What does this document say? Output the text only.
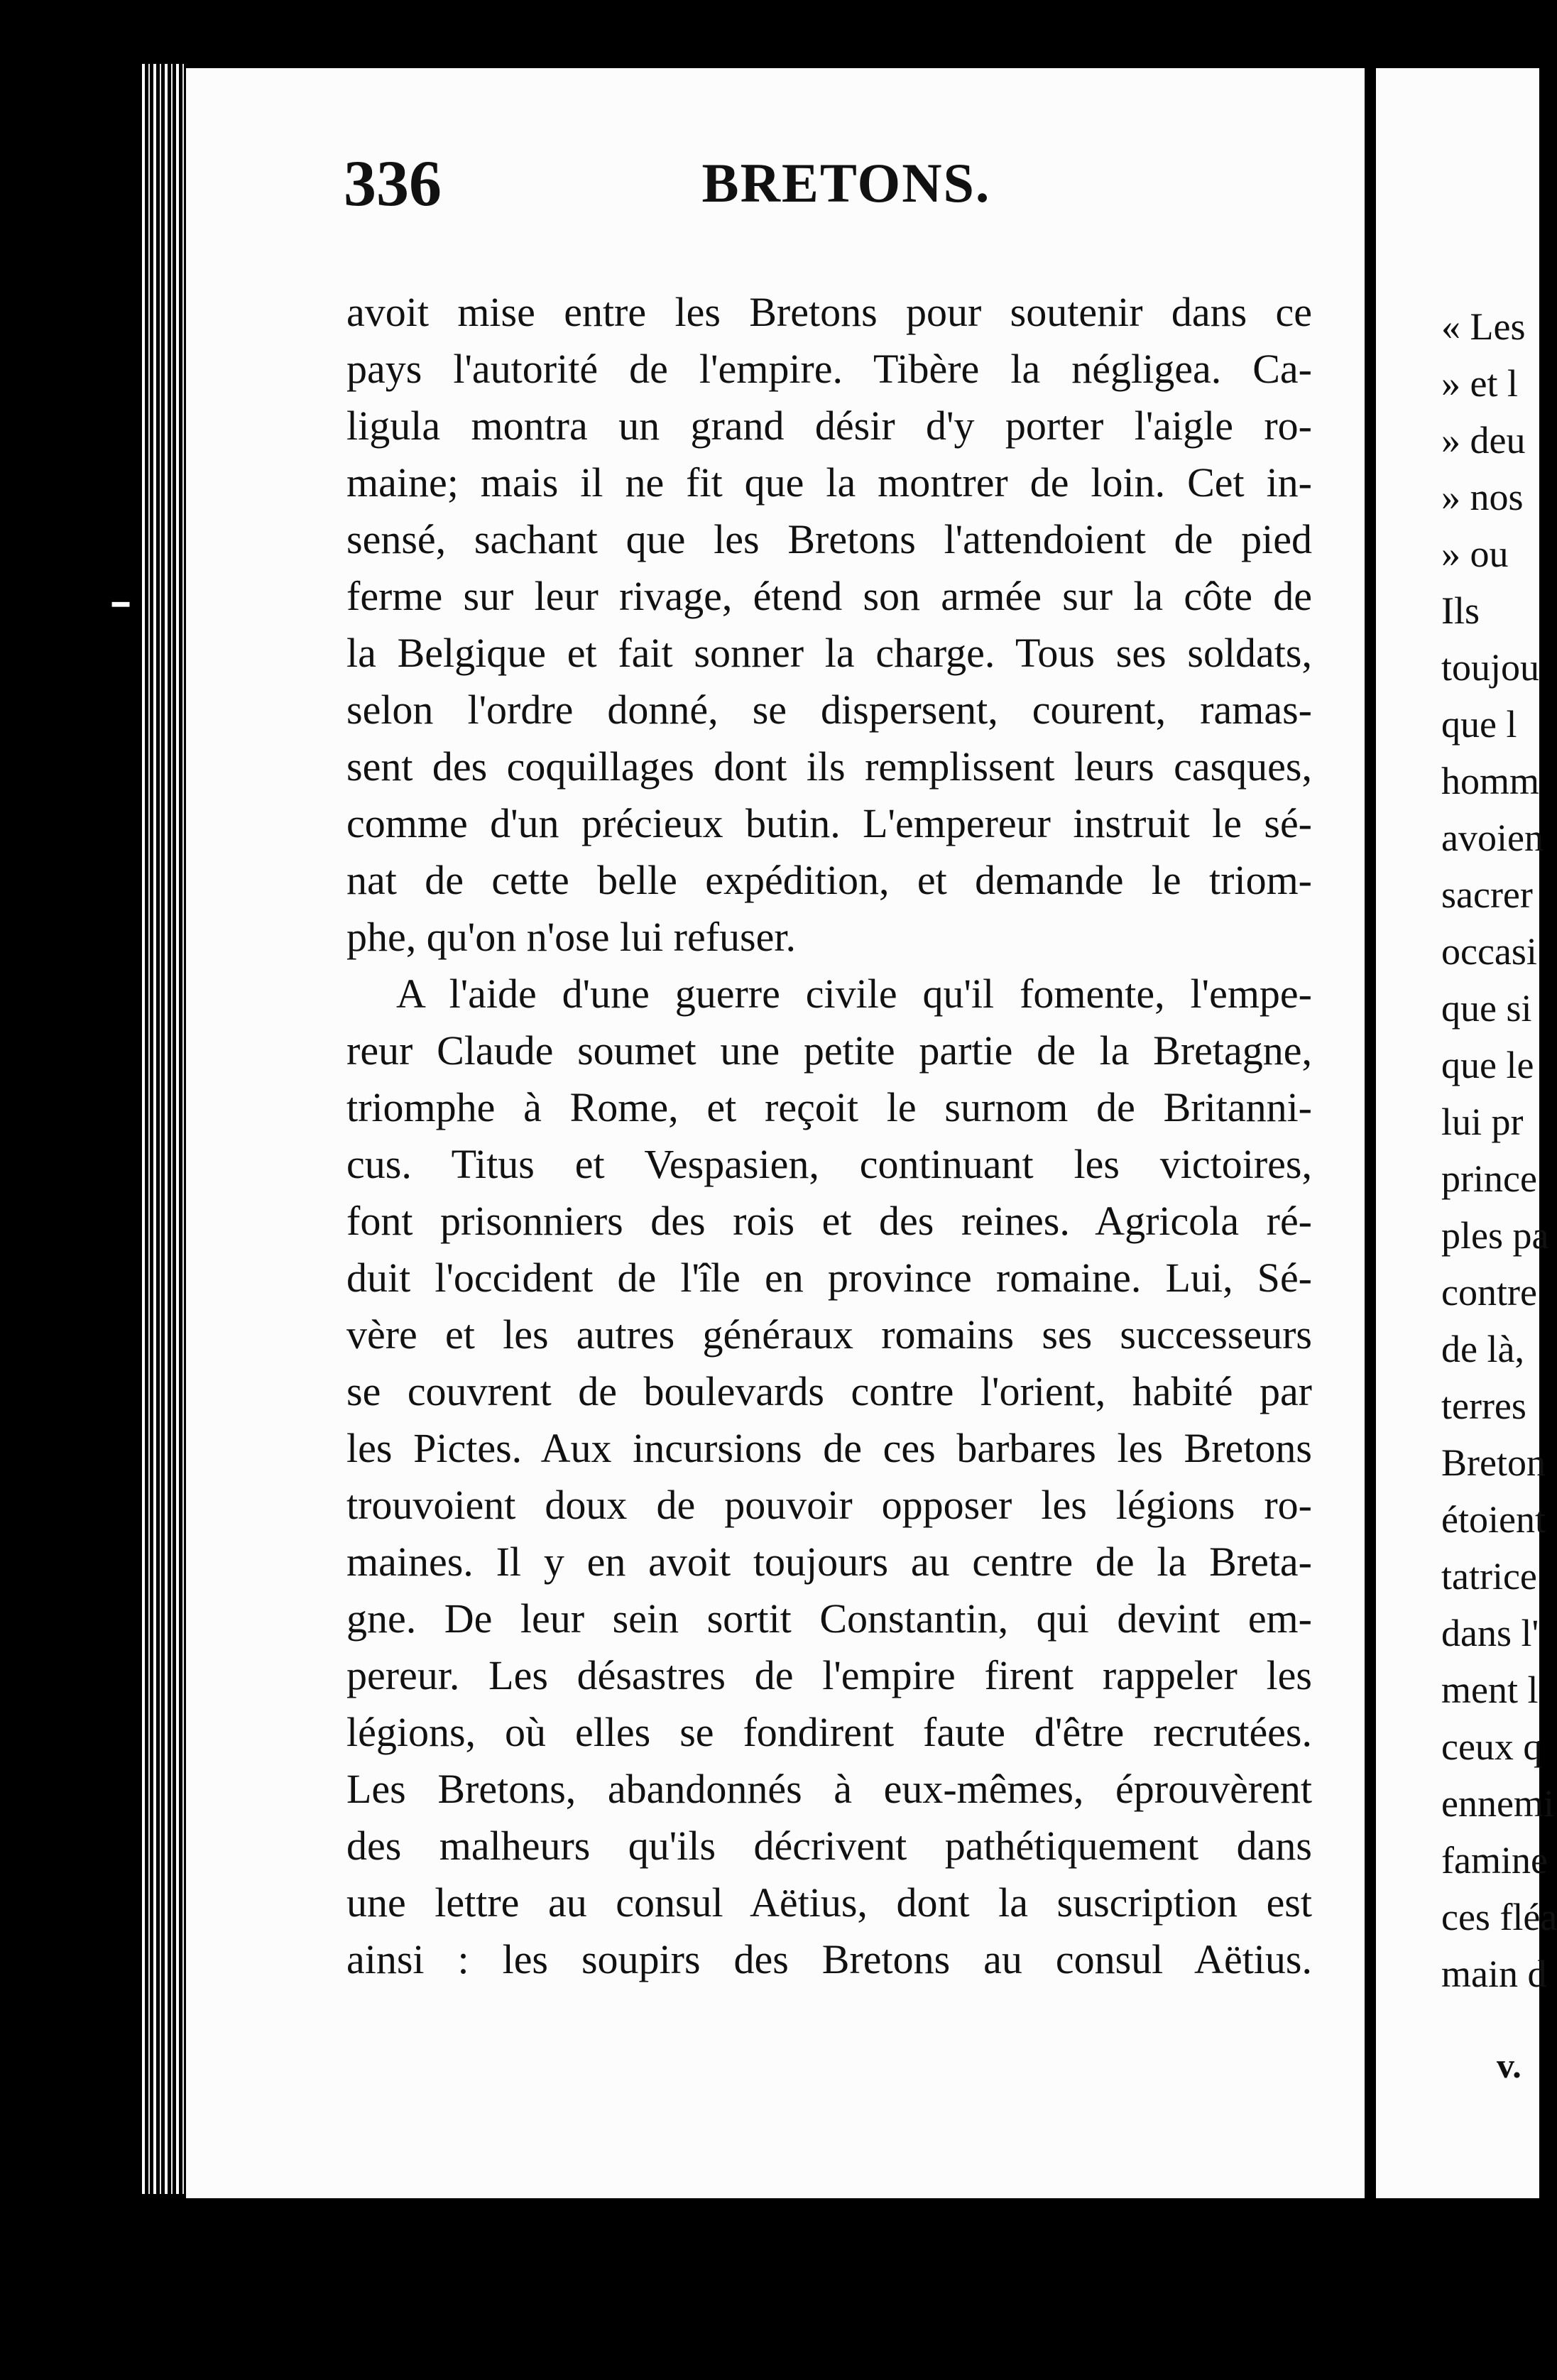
━
336	BRETONS.
avoit mise entre les Bretons pour soutenir dans ce
pays l'autorité de l'empire. Tibère la négligea. Ca-
ligula montra un grand désir d'y porter l'aigle ro-
maine; mais il ne fit que la montrer de loin. Cet in-
sensé, sachant que les Bretons l'attendoient de pied
ferme sur leur rivage, étend son armée sur la côte de
la Belgique et fait sonner la charge. Tous ses soldats,
selon l'ordre donné, se dispersent, courent, ramas-
sent des coquillages dont ils remplissent leurs casques,
comme d'un précieux butin. L'empereur instruit le sé-
nat de cette belle expédition, et demande le triom-
phe, qu'on n'ose lui refuser.
A l'aide d'une guerre civile qu'il fomente, l'empe-
reur Claude soumet une petite partie de la Bretagne,
triomphe à Rome, et reçoit le surnom de Britanni-
cus. Titus et Vespasien, continuant les victoires,
font prisonniers des rois et des reines. Agricola ré-
duit l'occident de l'île en province romaine. Lui, Sé-
vère et les autres généraux romains ses successeurs
se couvrent de boulevards contre l'orient, habité par
les Pictes. Aux incursions de ces barbares les Bretons
trouvoient doux de pouvoir opposer les légions ro-
maines. Il y en avoit toujours au centre de la Breta-
gne. De leur sein sortit Constantin, qui devint em-
pereur. Les désastres de l'empire firent rappeler les
légions, où elles se fondirent faute d'être recrutées.
Les Bretons, abandonnés à eux-mêmes, éprouvèrent
des malheurs qu'ils décrivent pathétiquement dans
une lettre au consul Aëtius, dont la suscription est
ainsi : les soupirs des Bretons au consul Aëtius.
« Les
» et l
» deu
» nos
» ou
Ils
toujou
que l
homm
avoien
sacrer
occasi
que si
que le
lui pr
prince
ples pa
contre
de là,
terres
Breton
étoient
tatrice
dans l'
ment l
ceux q
ennemi
famine
ces fléa
main d
v.
